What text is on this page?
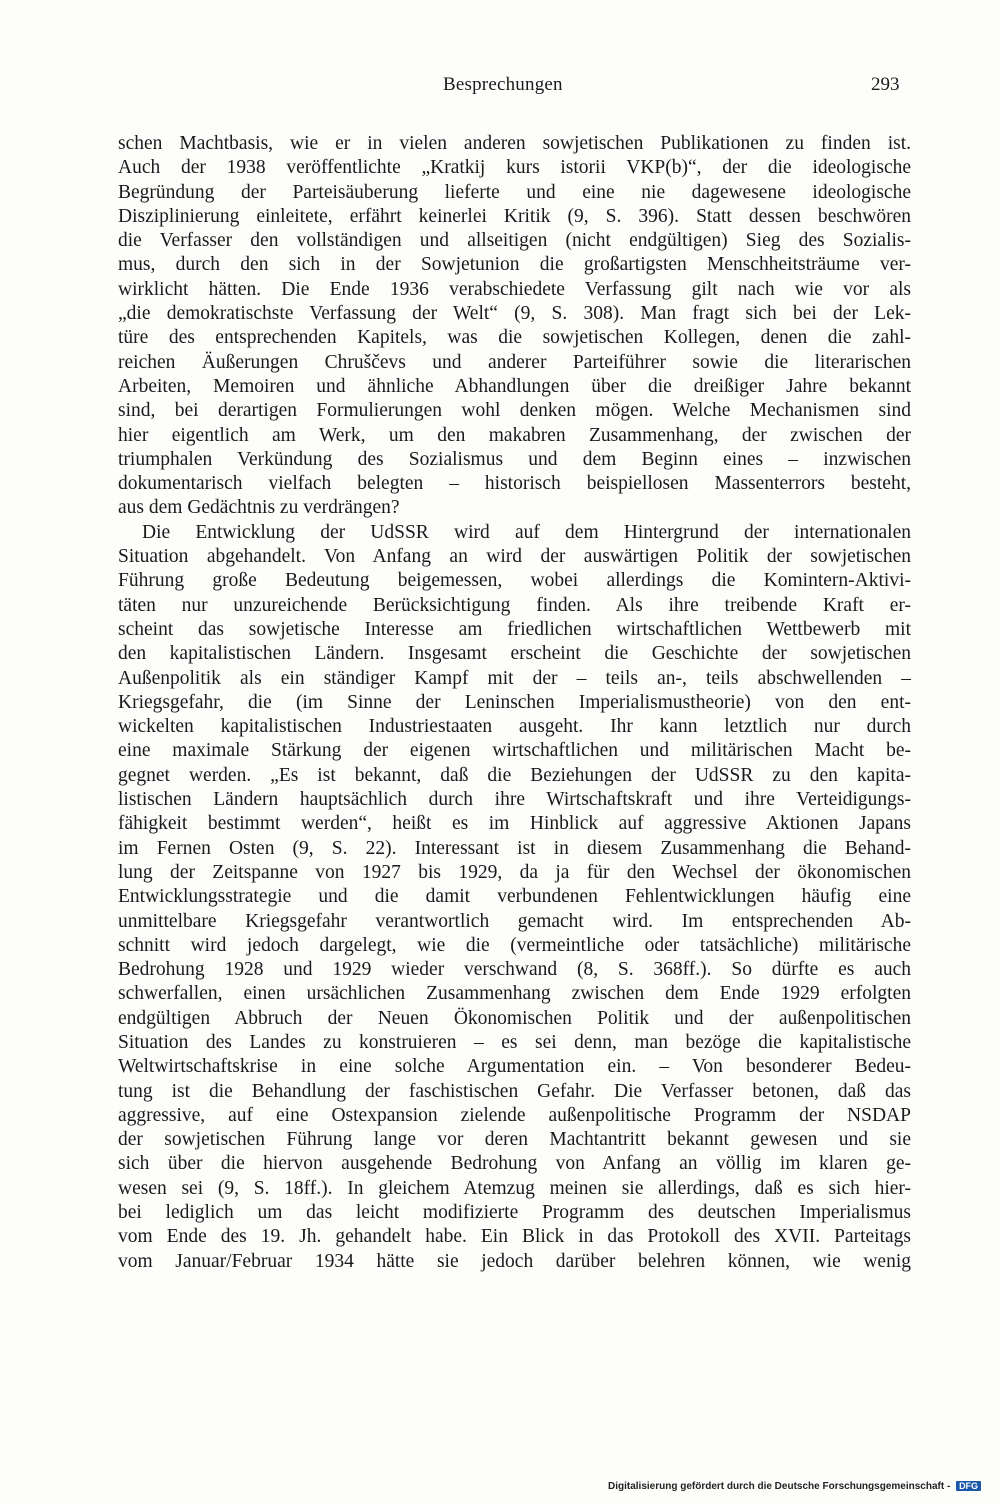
Besprechungen	293
schen Machtbasis, wie er in vielen anderen sowjetischen Publikationen zu finden ist.
Auch der 1938 veröffentlichte „Kratkij kurs istorii VKP(b)“, der die ideologische
Begründung der Parteisäuberung lieferte und eine nie dagewesene ideologische
Disziplinierung einleitete, erfährt keinerlei Kritik (9, S. 396). Statt dessen beschwören
die Verfasser den vollständigen und allseitigen (nicht endgültigen) Sieg des Sozialis-
mus, durch den sich in der Sowjetunion die großartigsten Menschheitsträume ver-
wirklicht hätten. Die Ende 1936 verabschiedete Verfassung gilt nach wie vor als
„die demokratischste Verfassung der Welt“ (9, S. 308). Man fragt sich bei der Lek-
türe des entsprechenden Kapitels, was die sowjetischen Kollegen, denen die zahl-
reichen Äußerungen Chruščevs und anderer Parteiführer sowie die literarischen
Arbeiten, Memoiren und ähnliche Abhandlungen über die dreißiger Jahre bekannt
sind, bei derartigen Formulierungen wohl denken mögen. Welche Mechanismen sind
hier eigentlich am Werk, um den makabren Zusammenhang, der zwischen der
triumphalen Verkündung des Sozialismus und dem Beginn eines – inzwischen
dokumentarisch vielfach belegten – historisch beispiellosen Massenterrors besteht,
aus dem Gedächtnis zu verdrängen?
Die Entwicklung der UdSSR wird auf dem Hintergrund der internationalen
Situation abgehandelt. Von Anfang an wird der auswärtigen Politik der sowjetischen
Führung große Bedeutung beigemessen, wobei allerdings die Komintern-Aktivi-
täten nur unzureichende Berücksichtigung finden. Als ihre treibende Kraft er-
scheint das sowjetische Interesse am friedlichen wirtschaftlichen Wettbewerb mit
den kapitalistischen Ländern. Insgesamt erscheint die Geschichte der sowjetischen
Außenpolitik als ein ständiger Kampf mit der – teils an-, teils abschwellenden –
Kriegsgefahr, die (im Sinne der Leninschen Imperialismustheorie) von den ent-
wickelten kapitalistischen Industriestaaten ausgeht. Ihr kann letztlich nur durch
eine maximale Stärkung der eigenen wirtschaftlichen und militärischen Macht be-
gegnet werden. „Es ist bekannt, daß die Beziehungen der UdSSR zu den kapita-
listischen Ländern hauptsächlich durch ihre Wirtschaftskraft und ihre Verteidigungs-
fähigkeit bestimmt werden“, heißt es im Hinblick auf aggressive Aktionen Japans
im Fernen Osten (9, S. 22). Interessant ist in diesem Zusammenhang die Behand-
lung der Zeitspanne von 1927 bis 1929, da ja für den Wechsel der ökonomischen
Entwicklungsstrategie und die damit verbundenen Fehlentwicklungen häufig eine
unmittelbare Kriegsgefahr verantwortlich gemacht wird. Im entsprechenden Ab-
schnitt wird jedoch dargelegt, wie die (vermeintliche oder tatsächliche) militärische
Bedrohung 1928 und 1929 wieder verschwand (8, S. 368ff.). So dürfte es auch
schwerfallen, einen ursächlichen Zusammenhang zwischen dem Ende 1929 erfolgten
endgültigen Abbruch der Neuen Ökonomischen Politik und der außenpolitischen
Situation des Landes zu konstruieren – es sei denn, man bezöge die kapitalistische
Weltwirtschaftskrise in eine solche Argumentation ein. – Von besonderer Bedeu-
tung ist die Behandlung der faschistischen Gefahr. Die Verfasser betonen, daß das
aggressive, auf eine Ostexpansion zielende außenpolitische Programm der NSDAP
der sowjetischen Führung lange vor deren Machtantritt bekannt gewesen und sie
sich über die hiervon ausgehende Bedrohung von Anfang an völlig im klaren ge-
wesen sei (9, S. 18ff.). In gleichem Atemzug meinen sie allerdings, daß es sich hier-
bei lediglich um das leicht modifizierte Programm des deutschen Imperialismus
vom Ende des 19. Jh. gehandelt habe. Ein Blick in das Protokoll des XVII. Parteitags
vom Januar/Februar 1934 hätte sie jedoch darüber belehren können, wie wenig
Digitalisierung gefördert durch die Deutsche Forschungsgemeinschaft - DFG
